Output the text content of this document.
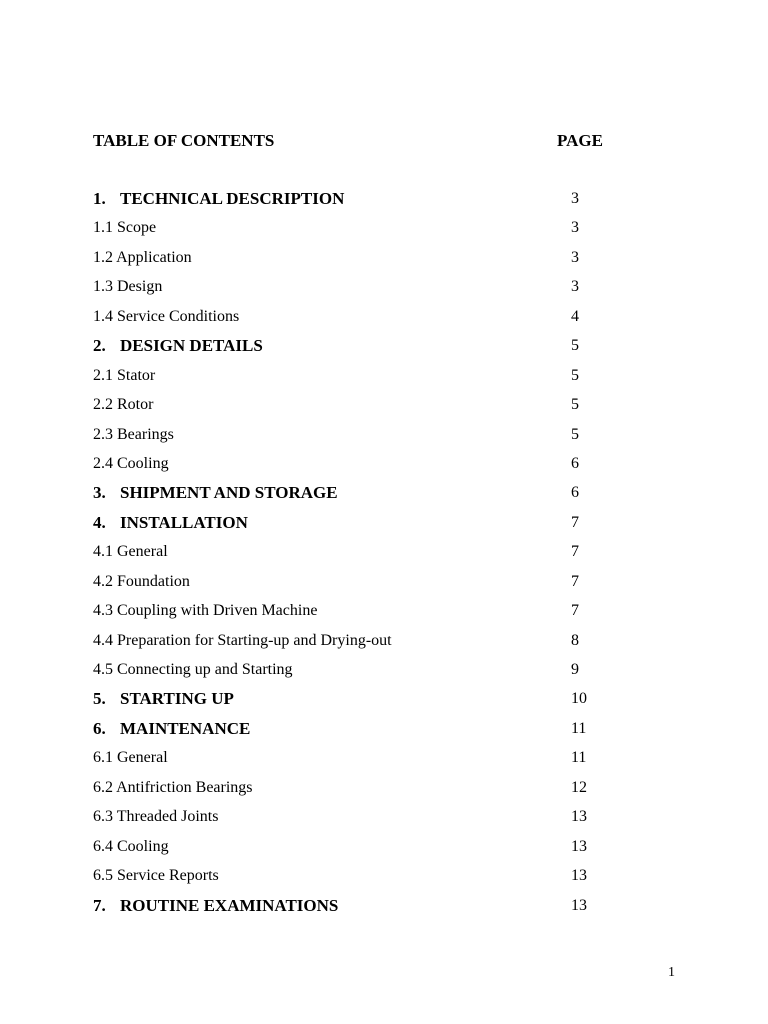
TABLE OF CONTENTS	PAGE
1. TECHNICAL DESCRIPTION	3
1.1 Scope	3
1.2 Application	3
1.3 Design	3
1.4 Service Conditions	4
2. DESIGN DETAILS	5
2.1 Stator	5
2.2 Rotor	5
2.3 Bearings	5
2.4 Cooling	6
3. SHIPMENT AND STORAGE	6
4. INSTALLATION	7
4.1 General	7
4.2 Foundation	7
4.3 Coupling with Driven Machine	7
4.4 Preparation for Starting-up and Drying-out	8
4.5 Connecting up and Starting	9
5. STARTING UP	10
6. MAINTENANCE	11
6.1 General	11
6.2 Antifriction Bearings	12
6.3 Threaded Joints	13
6.4 Cooling	13
6.5 Service Reports	13
7. ROUTINE EXAMINATIONS	13
1
